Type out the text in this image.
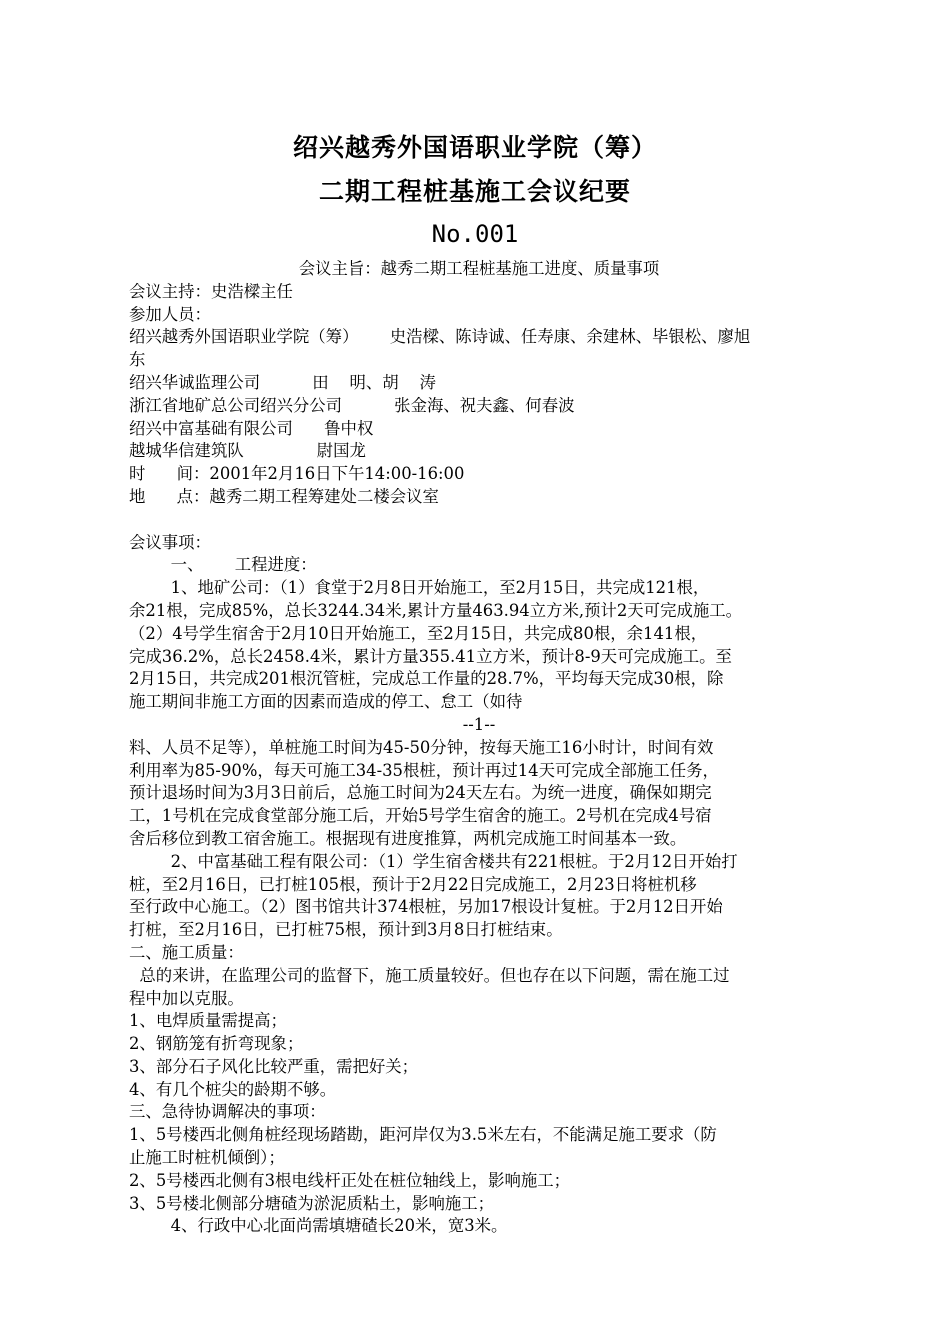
绍兴越秀外国语职业学院（筹）
二期工程桩基施工会议纪要
No.001
会议主旨：越秀二期工程桩基施工进度、质量事项
会议主持：史浩樑主任
参加人员：
绍兴越秀外国语职业学院（筹）      史浩樑、陈诗诚、任寿康、余建林、毕银松、廖旭
东
绍兴华诚监理公司          田    明、胡    涛
浙江省地矿总公司绍兴分公司          张金海、祝夫鑫、何春波
绍兴中富基础有限公司      鲁中权
越城华信建筑队              尉国龙
时      间：2001年2月16日下午14:00-16:00
地      点：越秀二期工程筹建处二楼会议室
会议事项：
一、      工程进度：
1、地矿公司：（1）食堂于2月8日开始施工，至2月15日，共完成121根，
余21根，完成85%，总长3244.34米,累计方量463.94立方米,预计2天可完成施工。
（2）4号学生宿舍于2月10日开始施工，至2月15日，共完成80根，余141根，
完成36.2%，总长2458.4米，累计方量355.41立方米，预计8-9天可完成施工。至
2月15日，共完成201根沉管桩，完成总工作量的28.7%，平均每天完成30根，除
施工期间非施工方面的因素而造成的停工、怠工（如待
--1--
料、人员不足等），单桩施工时间为45-50分钟，按每天施工16小时计，时间有效
利用率为85-90%，每天可施工34-35根桩，预计再过14天可完成全部施工任务，
预计退场时间为3月3日前后，总施工时间为24天左右。为统一进度，确保如期完
工，1号机在完成食堂部分施工后，开始5号学生宿舍的施工。2号机在完成4号宿
舍后移位到教工宿舍施工。根据现有进度推算，两机完成施工时间基本一致。
2、中富基础工程有限公司：（1）学生宿舍楼共有221根桩。于2月12日开始打
桩，至2月16日，已打桩105根，预计于2月22日完成施工，2月23日将桩机移
至行政中心施工。（2）图书馆共计374根桩，另加17根设计复桩。于2月12日开始
打桩，至2月16日，已打桩75根，预计到3月8日打桩结束。
二、施工质量：
总的来讲，在监理公司的监督下，施工质量较好。但也存在以下问题，需在施工过
程中加以克服。
1、电焊质量需提高；
2、钢筋笼有折弯现象；
3、部分石子风化比较严重，需把好关；
4、有几个桩尖的龄期不够。
三、急待协调解决的事项：
1、5号楼西北侧角桩经现场踏勘，距河岸仅为3.5米左右，不能满足施工要求（防
止施工时桩机倾倒）；
2、5号楼西北侧有3根电线杆正处在桩位轴线上，影响施工；
3、5号楼北侧部分塘碴为淤泥质粘土，影响施工；
4、行政中心北面尚需填塘碴长20米，宽3米。
